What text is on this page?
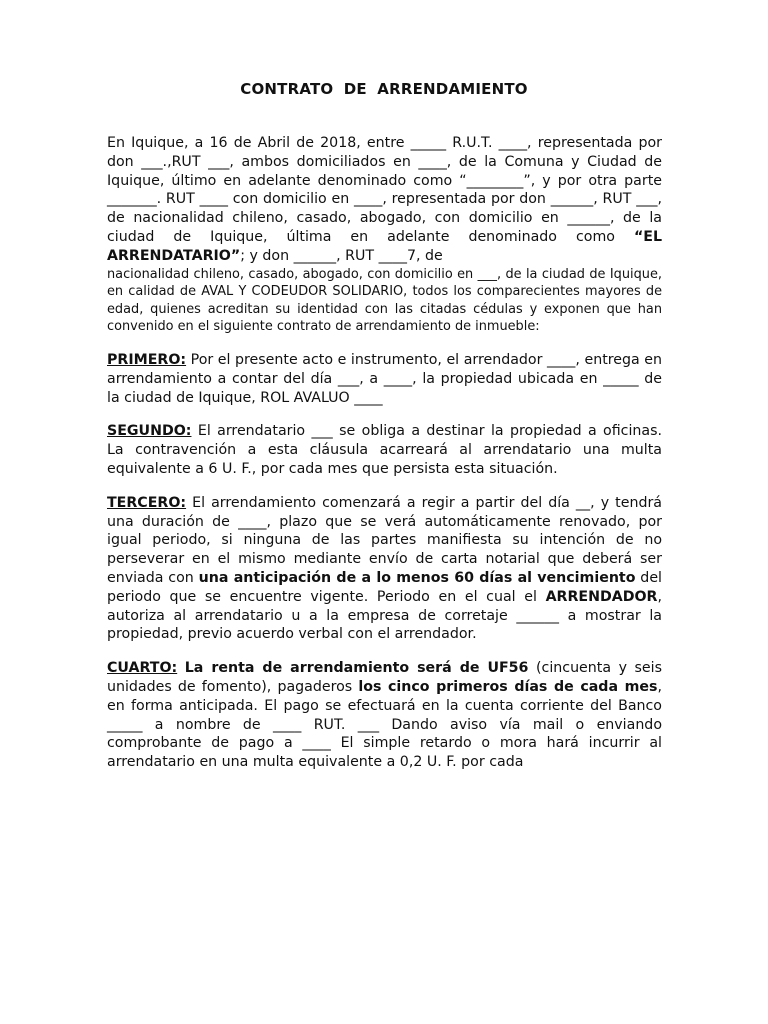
CONTRATO DE ARRENDAMIENTO

En Iquique, a 16 de Abril de 2018, entre _____ R.U.T. ____, representada por don ___.,RUT ___, ambos domiciliados en ____, de la Comuna y Ciudad de Iquique, último en adelante denominado como “________”, y por otra parte _______. RUT ____ con domicilio en ____, representada por don ______, RUT ___, de nacionalidad chileno, casado, abogado, con domicilio en ______, de la ciudad de Iquique, última en adelante denominado como “EL ARRENDATARIO”; y don ______, RUT ____7, de

nacionalidad chileno, casado, abogado, con domicilio en ___, de la ciudad de Iquique, en calidad de AVAL Y CODEUDOR SOLIDARIO, todos los comparecientes mayores de edad, quienes acreditan su identidad con las citadas cédulas y exponen que han convenido en el siguiente contrato de arrendamiento de inmueble:

PRIMERO: Por el presente acto e instrumento, el arrendador ____, entrega en arrendamiento a contar del día ___, a ____, la propiedad ubicada en _____ de la ciudad de Iquique, ROL AVALUO ____

SEGUNDO: El arrendatario ___ se obliga a destinar la propiedad a oficinas. La contravención a esta cláusula acarreará al arrendatario una multa equivalente a 6 U. F., por cada mes que persista esta situación.

TERCERO: El arrendamiento comenzará a regir a partir del día __, y tendrá una duración de ____, plazo que se verá automáticamente renovado, por igual periodo, si ninguna de las partes manifiesta su intención de no perseverar en el mismo mediante envío de carta notarial que deberá ser enviada con una anticipación de a lo menos 60 días al vencimiento del periodo que se encuentre vigente. Periodo en el cual el ARRENDADOR, autoriza al arrendatario u a la empresa de corretaje ______ a mostrar la propiedad, previo acuerdo verbal con el arrendador.

CUARTO: La renta de arrendamiento será de UF56 (cincuenta y seis unidades de fomento), pagaderos los cinco primeros días de cada mes, en forma anticipada. El pago se efectuará en la cuenta corriente del Banco _____ a nombre de ____ RUT. ___ Dando aviso vía mail o enviando comprobante de pago a ____ El simple retardo o mora hará incurrir al arrendatario en una multa equivalente a 0,2 U. F. por cada
